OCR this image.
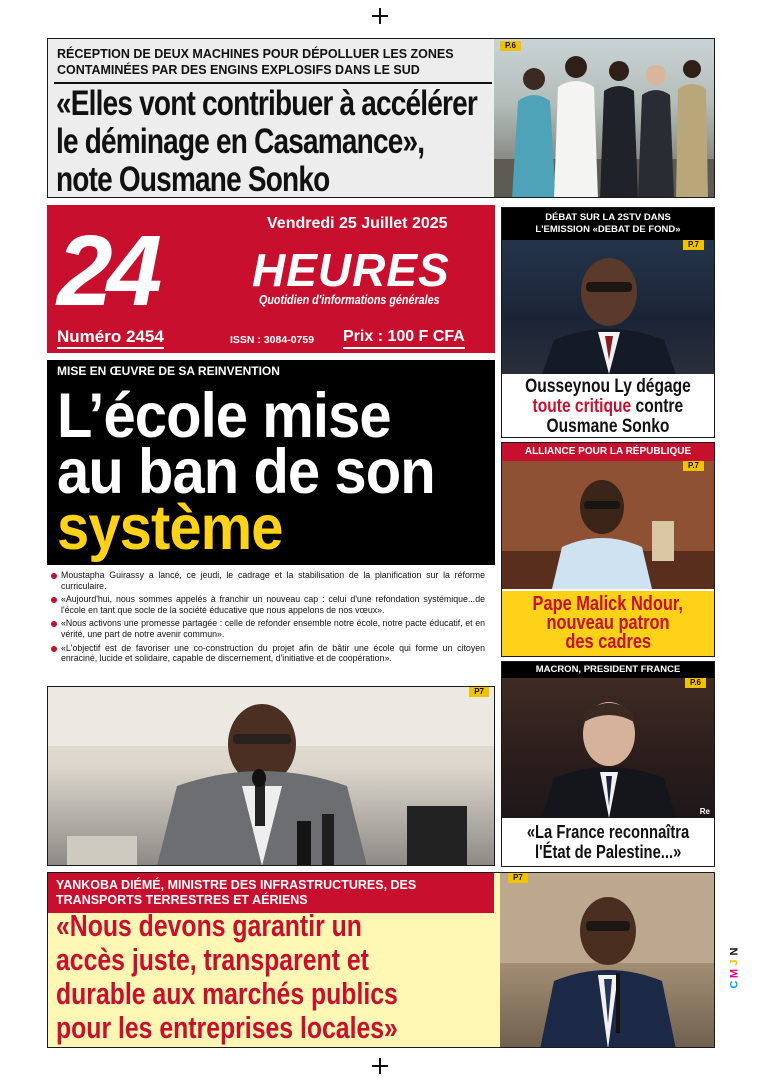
RÉCEPTION DE DEUX MACHINES POUR DÉPOLLUER LES ZONES CONTAMINÉES PAR DES ENGINS EXPLOSIFS DANS LE SUD
«Elles vont contribuer à accélérer
le déminage en Casamance»,
note Ousmane Sonko
P.6
Vendredi 25 Juillet 2025
24 HEURES
Quotidien d'informations générales
Numéro 2454	ISSN : 3084-0759 Prix : 100 F CFA
MISE EN ŒUVRE DE SA REINVENTION
L’école mise
au ban de son
système

Moustapha Guirassy a lancé, ce jeudi, le cadrage et la stabilisation de la planification sur la réforme curriculaire.

«Aujourd'hui, nous sommes appelés à franchir un nouveau cap : celui d'une refondation systémique...de l'école en tant que socle de la société éducative que nous appelons de nos vœux».

«Nous activons une promesse partagée : celle de refonder ensemble notre école, notre pacte éducatif, et en vérité, une part de notre avenir commun».

«L'objectif est de favoriser une co-construction du projet afin de bâtir une école qui forme un citoyen enraciné, lucide et solidaire, capable de discernement, d'initiative et de coopération».

P7
DÉBAT SUR LA 2STV DANS
L'EMISSION «DEBAT DE FOND»
P.7
Ousseynou Ly dégage
toute critique contre
Ousmane Sonko
ALLIANCE POUR LA RÉPUBLIQUE
P.7
Pape Malick Ndour,
nouveau patron
des cadres
MACRON, PRESIDENT FRANCE
P.6
Re
«La France reconnaîtra
l'État de Palestine...»
YANKOBA DIÉMÉ, MINISTRE DES INFRASTRUCTURES, DES TRANSPORTS TERRESTRES ET AÉRIENS
«Nous devons garantir un
accès juste, transparent et
durable aux marchés publics
pour les entreprises locales»
P7
N
J
M
C
